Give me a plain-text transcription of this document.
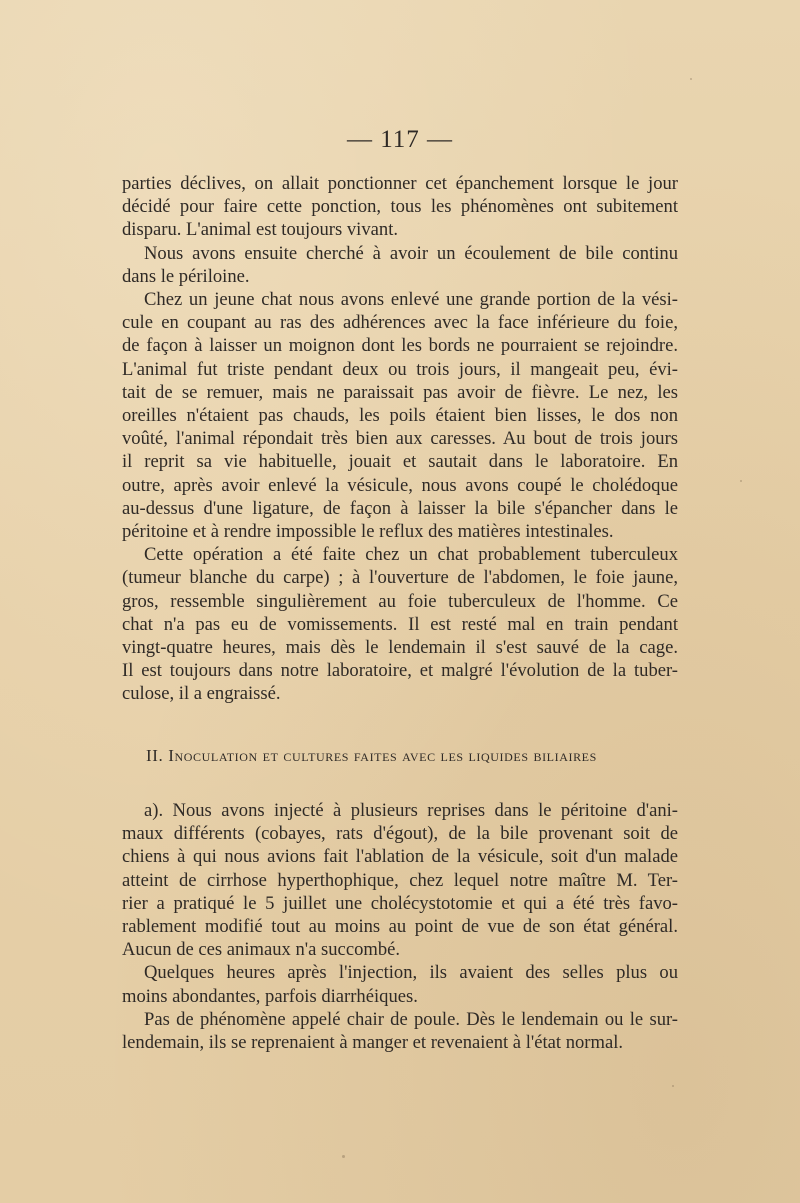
— 117 —
parties déclives, on allait ponctionner cet épanchement lorsque le jour
décidé pour faire cette ponction, tous les phénomènes ont subitement
disparu. L'animal est toujours vivant.
Nous avons ensuite cherché à avoir un écoulement de bile continu
dans le périloine.
Chez un jeune chat nous avons enlevé une grande portion de la vési-
cule en coupant au ras des adhérences avec la face inférieure du foie,
de façon à laisser un moignon dont les bords ne pourraient se rejoindre.
L'animal fut triste pendant deux ou trois jours, il mangeait peu, évi-
tait de se remuer, mais ne paraissait pas avoir de fièvre. Le nez, les
oreilles n'étaient pas chauds, les poils étaient bien lisses, le dos non
voûté, l'animal répondait très bien aux caresses. Au bout de trois jours
il reprit sa vie habituelle, jouait et sautait dans le laboratoire. En
outre, après avoir enlevé la vésicule, nous avons coupé le cholédoque
au-dessus d'une ligature, de façon à laisser la bile s'épancher dans le
péritoine et à rendre impossible le reflux des matières intestinales.
Cette opération a été faite chez un chat probablement tuberculeux
(tumeur blanche du carpe) ; à l'ouverture de l'abdomen, le foie jaune,
gros, ressemble singulièrement au foie tuberculeux de l'homme. Ce
chat n'a pas eu de vomissements. Il est resté mal en train pendant
vingt-quatre heures, mais dès le lendemain il s'est sauvé de la cage.
Il est toujours dans notre laboratoire, et malgré l'évolution de la tuber-
culose, il a engraissé.
II. Inoculation et cultures faites avec les liquides biliaires
a). Nous avons injecté à plusieurs reprises dans le péritoine d'ani-
maux différents (cobayes, rats d'égout), de la bile provenant soit de
chiens à qui nous avions fait l'ablation de la vésicule, soit d'un malade
atteint de cirrhose hyperthophique, chez lequel notre maître M. Ter-
rier a pratiqué le 5 juillet une cholécystotomie et qui a été très favo-
rablement modifié tout au moins au point de vue de son état général.
Aucun de ces animaux n'a succombé.
Quelques heures après l'injection, ils avaient des selles plus ou
moins abondantes, parfois diarrhéiques.
Pas de phénomène appelé chair de poule. Dès le lendemain ou le sur-
lendemain, ils se reprenaient à manger et revenaient à l'état normal.
